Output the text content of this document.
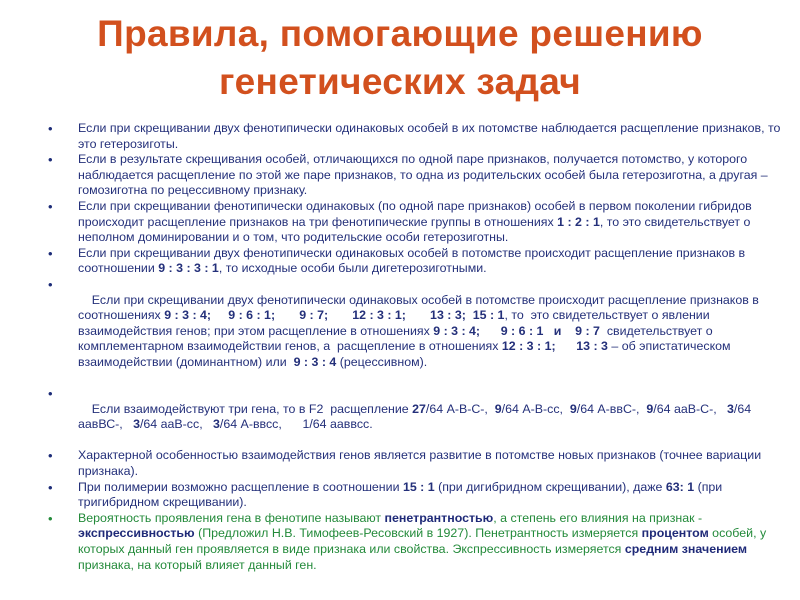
Правила, помогающие решению
генетических задач
• Если при скрещивании двух фенотипически одинаковых особей в их потомстве наблюдается расщепление признаков, то это гетерозиготы.
• Если в результате скрещивания особей, отличающихся по одной паре признаков, получается потомство, у которого наблюдается расщепление по этой же паре признаков, то одна из родительских особей была гетерозиготна, а другая – гомозиготна по рецессивному признаку.
• Если при скрещивании фенотипически одинаковых (по одной паре признаков) особей в первом поколении гибридов происходит расщепление признаков на три фенотипические группы в отношениях 1 : 2 : 1, то это свидетельствует о неполном доминировании и о том, что родительские особи гетерозиготны.
• Если при скрещивании двух фенотипически одинаковых особей в потомстве происходит расщепление признаков в соотношении 9 : 3 : 3 : 1, то исходные особи были дигетерозиготными.

•
Если при скрещивании двух фенотипически одинаковых особей в потомстве происходит расщепление признаков в соотношениях 9 : 3 : 4; 9 : 6 : 1; 9 : 7; 12 : 3 : 1; 13 : 3; 15 : 1, то  это свидетельствует о явлении взаимодействия генов; при этом расщепление в отношениях 9 : 3 : 4; 9 : 6 : 1   и    9 : 7  свидетельствует о комплементарном взаимодействии генов, а  расщепление в отношениях 12 : 3 : 1; 13 : 3 – об эпистатическом взаимодействии (доминантном) или  9 : 3 : 4 (рецессивном).

•
Если взаимодействуют три гена, то в F2  расщепление 27/64 А-В-С-,  9/64 А-В-сс,  9/64 А-ввС-,  9/64 ааВ-С-,   3/64 аавВС-,   3/64 ааВ-сс,   3/64 А-ввсс,      1/64 ааввсс.

• Характерной особенностью взаимодействия генов является развитие в потомстве новых признаков (точнее вариации признака).
• При полимерии возможно расщепление в соотношении 15 : 1 (при дигибридном скрещивании), даже 63: 1 (при тригибридном скрещивании).
• Вероятность проявления гена в фенотипе называют пенетрантностью, а степень его влияния на признак - экспрессивностью (Предложил Н.В. Тимофеев-Ресовский в 1927). Пенетрантность измеряется процентом особей, у которых данный ген проявляется в виде признака или свойства. Экспрессивность измеряется средним значением признака, на который влияет данный ген.
